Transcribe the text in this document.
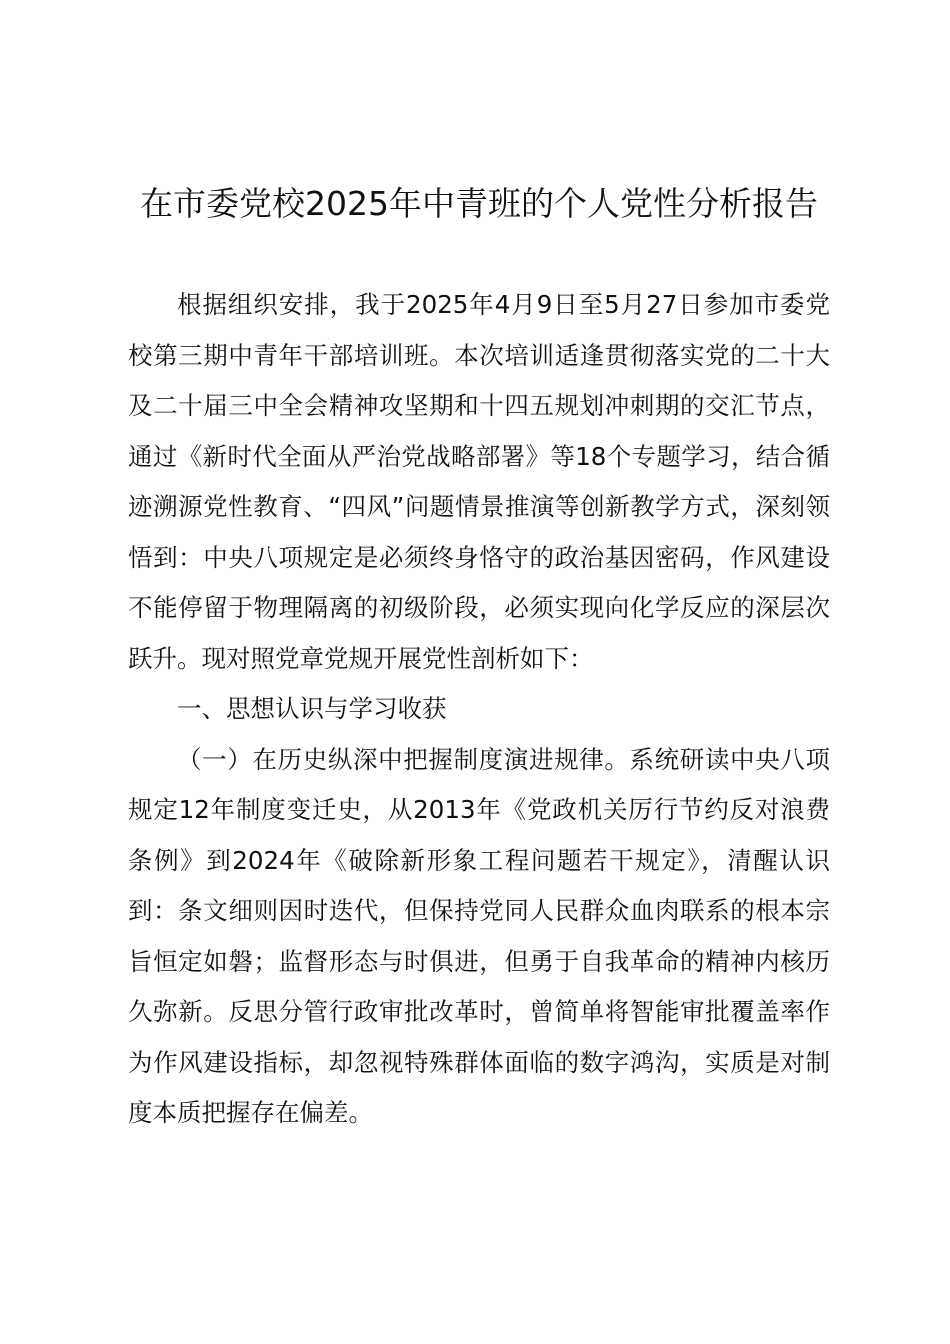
在市委党校2025年中青班的个人党性分析报告

根据组织安排，我于2025年4月9日至5月27日参加市委党校第三期中青年干部培训班。本次培训适逢贯彻落实党的二十大及二十届三中全会精神攻坚期和十四五规划冲刺期的交汇节点，通过《新时代全面从严治党战略部署》等18个专题学习，结合循迹溯源党性教育、“四风”问题情景推演等创新教学方式，深刻领悟到：中央八项规定是必须终身恪守的政治基因密码，作风建设不能停留于物理隔离的初级阶段，必须实现向化学反应的深层次跃升。现对照党章党规开展党性剖析如下：

一、思想认识与学习收获

（一）在历史纵深中把握制度演进规律。系统研读中央八项规定12年制度变迁史，从2013年《党政机关厉行节约反对浪费条例》到2024年《破除新形象工程问题若干规定》，清醒认识到：条文细则因时迭代，但保持党同人民群众血肉联系的根本宗旨恒定如磐；监督形态与时俱进，但勇于自我革命的精神内核历久弥新。反思分管行政审批改革时，曾简单将智能审批覆盖率作为作风建设指标，却忽视特殊群体面临的数字鸿沟，实质是对制度本质把握存在偏差。
